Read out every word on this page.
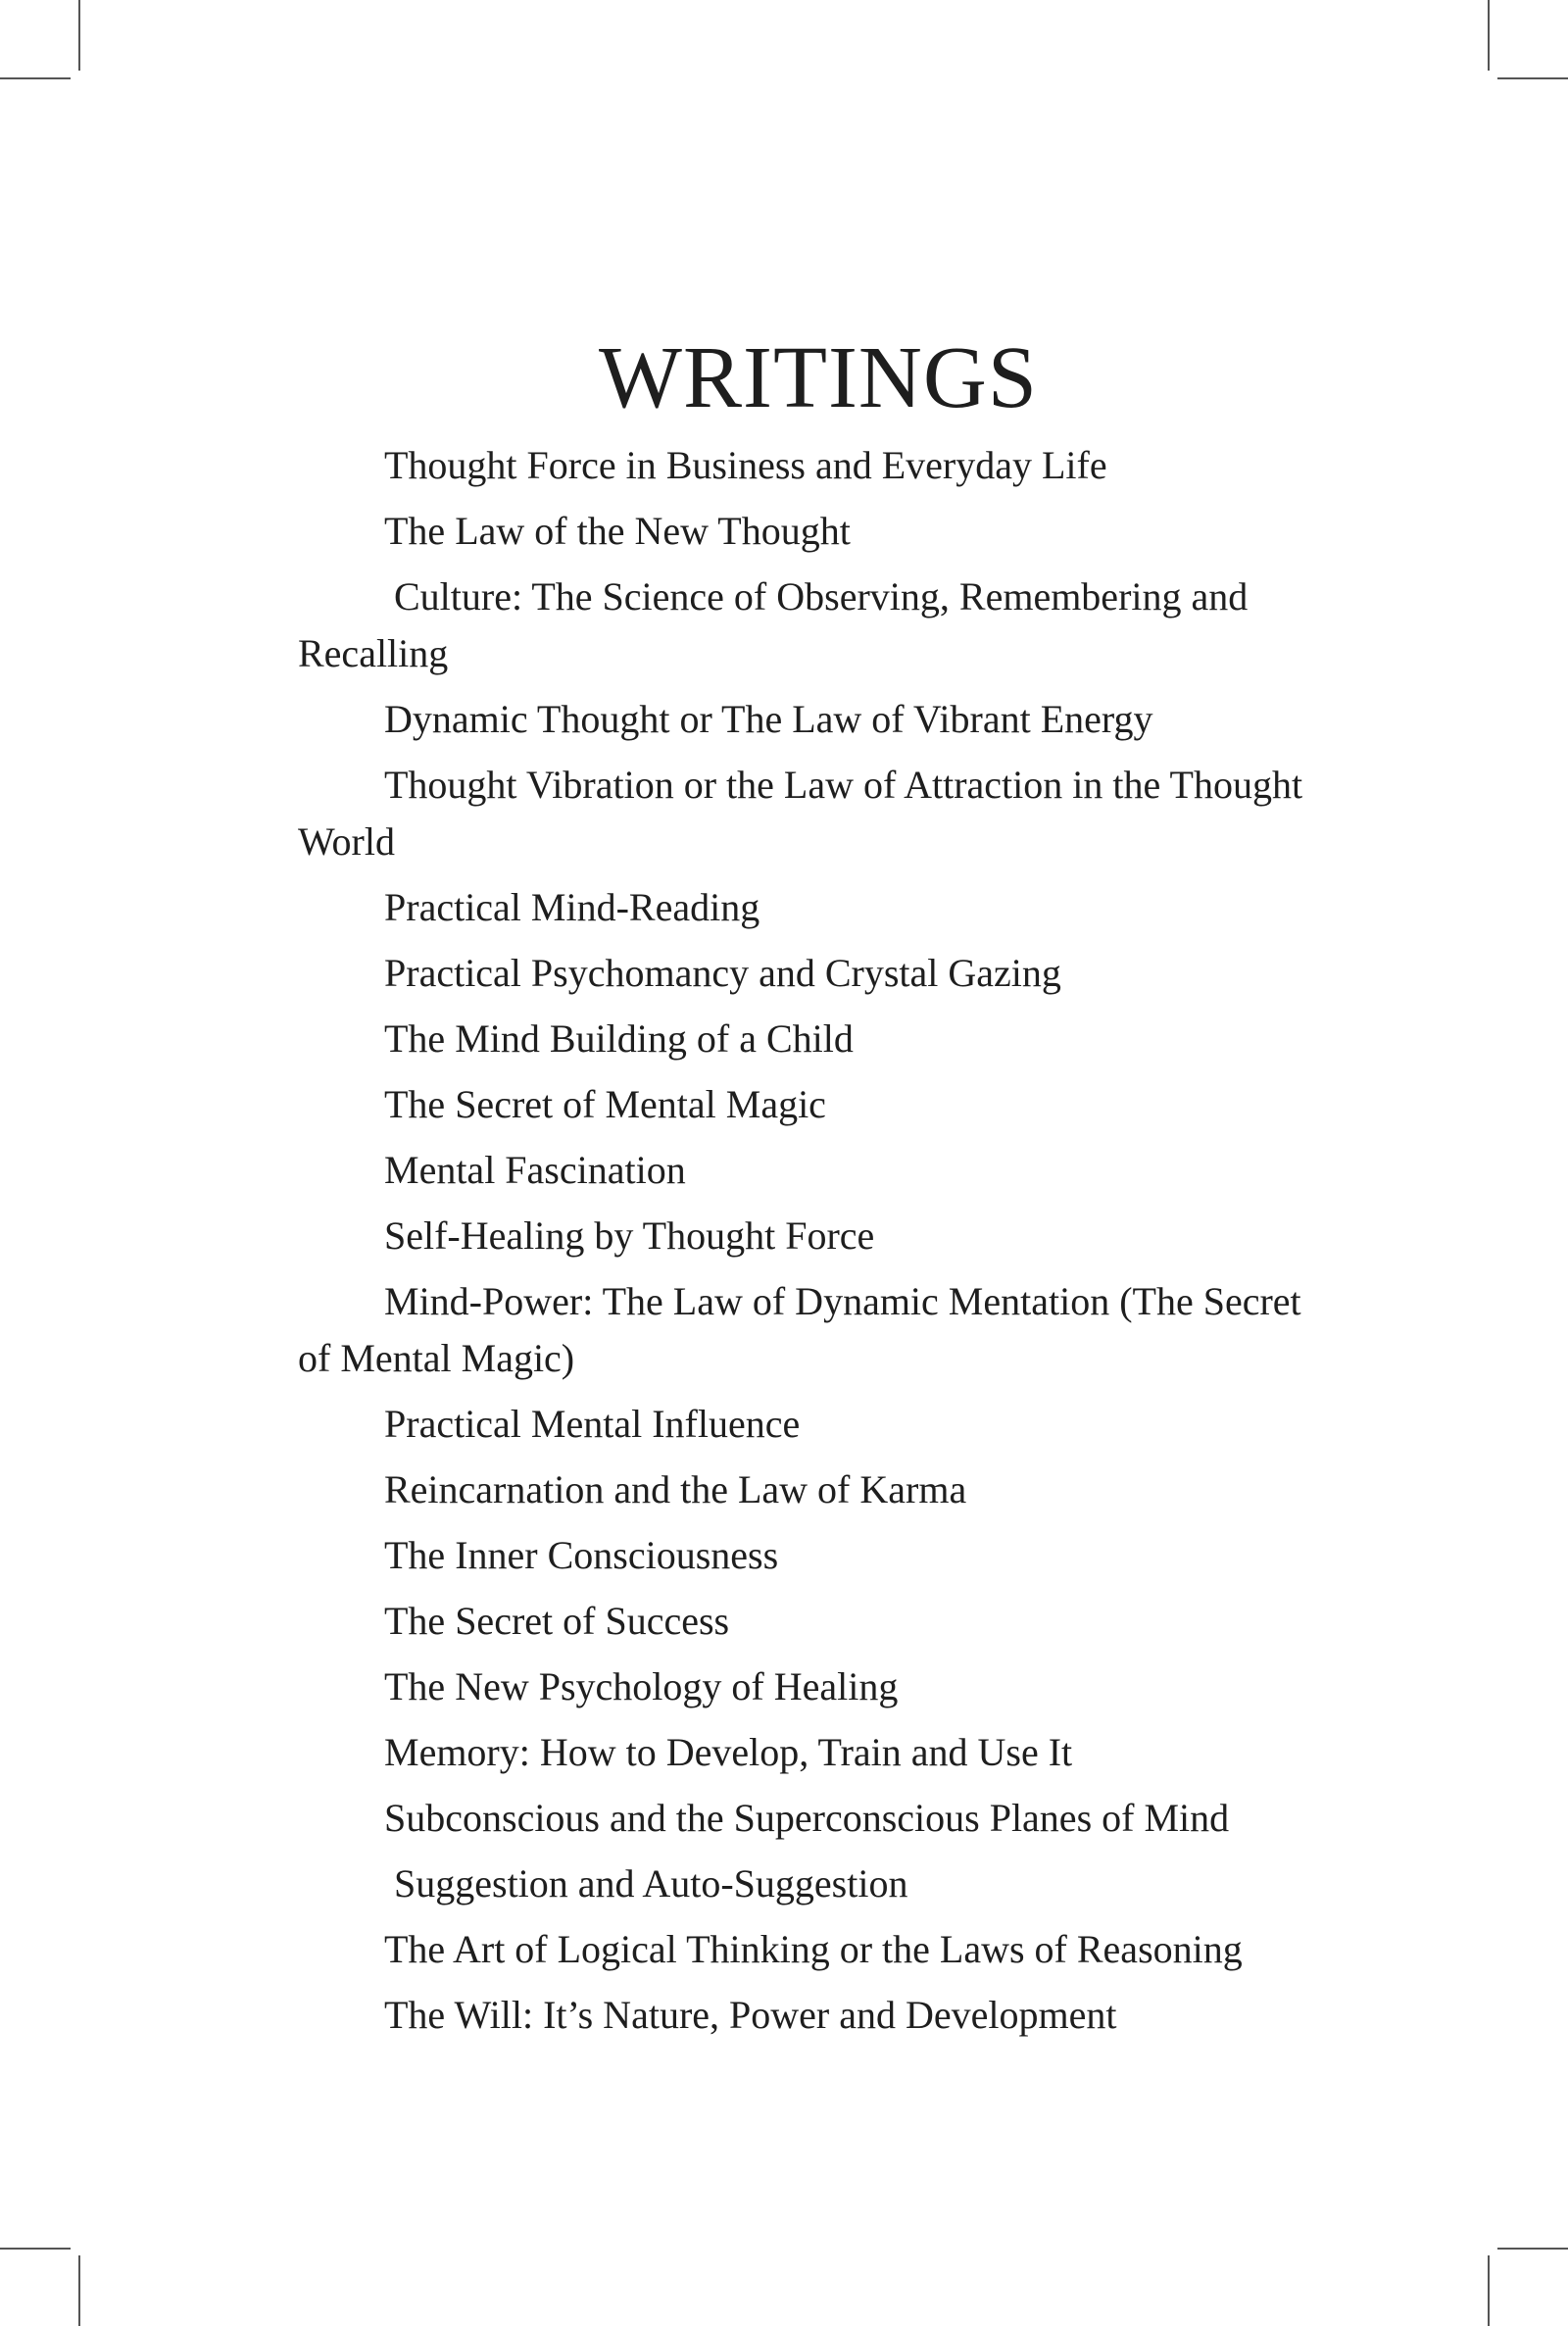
WRITINGS
Thought Force in Business and Everyday Life
The Law of the New Thought
Culture: The Science of Observing, Remembering and Recalling
Dynamic Thought or The Law of Vibrant Energy
Thought Vibration or the Law of Attraction in the Thought World
Practical Mind-Reading
Practical Psychomancy and Crystal Gazing
The Mind Building of a Child
The Secret of Mental Magic
Mental Fascination
Self-Healing by Thought Force
Mind-Power: The Law of Dynamic Mentation (The Secret of Mental Magic)
Practical Mental Influence
Reincarnation and the Law of Karma
The Inner Consciousness
The Secret of Success
The New Psychology of Healing
Memory: How to Develop, Train and Use It
Subconscious and the Superconscious Planes of Mind
Suggestion and Auto-Suggestion
The Art of Logical Thinking or the Laws of Reasoning
The Will: It’s Nature, Power and Development
